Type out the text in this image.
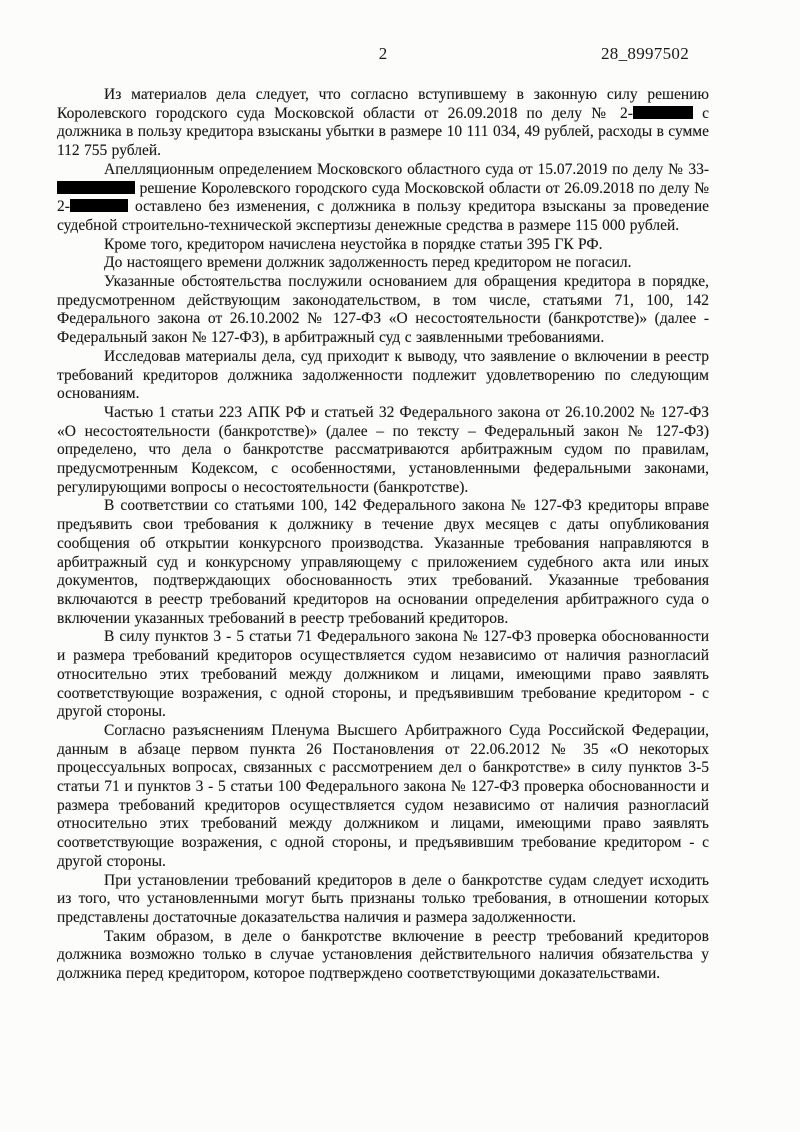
2	28_8997502

Из материалов дела следует, что согласно вступившему в законную силу решению Королевского городского суда Московской области от 26.09.2018 по делу № 2-	с должника в пользу кредитора взысканы убытки в размере 10 111 034, 49 рублей, расходы в сумме 112 755 рублей.

Апелляционным определением Московского областного суда от 15.07.2019 по делу № 33- решение Королевского городского суда Московской области от 26.09.2018 по делу № 2-	оставлено без изменения, с должника в пользу кредитора взысканы за проведение судебной строительно-технической экспертизы денежные средства в размере 115 000 рублей.

Кроме того, кредитором начислена неустойка в порядке статьи 395 ГК РФ.

До настоящего времени должник задолженность перед кредитором не погасил.

Указанные обстоятельства послужили основанием для обращения кредитора в порядке, предусмотренном действующим законодательством, в том числе, статьями 71, 100, 142 Федерального закона от 26.10.2002 № 127-ФЗ «О несостоятельности (банкротстве)» (далее - Федеральный закон № 127-ФЗ), в арбитражный суд с заявленными требованиями.

Исследовав материалы дела, суд приходит к выводу, что заявление о включении в реестр требований кредиторов должника задолженности подлежит удовлетворению по следующим основаниям.

Частью 1 статьи 223 АПК РФ и статьей 32 Федерального закона от 26.10.2002 № 127-ФЗ «О несостоятельности (банкротстве)» (далее – по тексту – Федеральный закон № 127-ФЗ) определено, что дела о банкротстве рассматриваются арбитражным судом по правилам, предусмотренным Кодексом, с особенностями, установленными федеральными законами, регулирующими вопросы о несостоятельности (банкротстве).

В соответствии со статьями 100, 142 Федерального закона № 127-ФЗ кредиторы вправе предъявить свои требования к должнику в течение двух месяцев с даты опубликования сообщения об открытии конкурсного производства. Указанные требования направляются в арбитражный суд и конкурсному управляющему с приложением судебного акта или иных документов, подтверждающих обоснованность этих требований. Указанные требования включаются в реестр требований кредиторов на основании определения арбитражного суда о включении указанных требований в реестр требований кредиторов.

В силу пунктов 3 - 5 статьи 71 Федерального закона № 127-ФЗ проверка обоснованности и размера требований кредиторов осуществляется судом независимо от наличия разногласий относительно этих требований между должником и лицами, имеющими право заявлять соответствующие возражения, с одной стороны, и предъявившим требование кредитором - с другой стороны.

Согласно разъяснениям Пленума Высшего Арбитражного Суда Российской Федерации, данным в абзаце первом пункта 26 Постановления от 22.06.2012 № 35 «О некоторых процессуальных вопросах, связанных с рассмотрением дел о банкротстве» в силу пунктов 3-5 статьи 71 и пунктов 3 - 5 статьи 100 Федерального закона № 127-ФЗ проверка обоснованности и размера требований кредиторов осуществляется судом независимо от наличия разногласий относительно этих требований между должником и лицами, имеющими право заявлять соответствующие возражения, с одной стороны, и предъявившим требование кредитором - с другой стороны.

При установлении требований кредиторов в деле о банкротстве судам следует исходить из того, что установленными могут быть признаны только требования, в отношении которых представлены достаточные доказательства наличия и размера задолженности.

Таким образом, в деле о банкротстве включение в реестр требований кредиторов должника возможно только в случае установления действительного наличия обязательства у должника перед кредитором, которое подтверждено соответствующими доказательствами.
